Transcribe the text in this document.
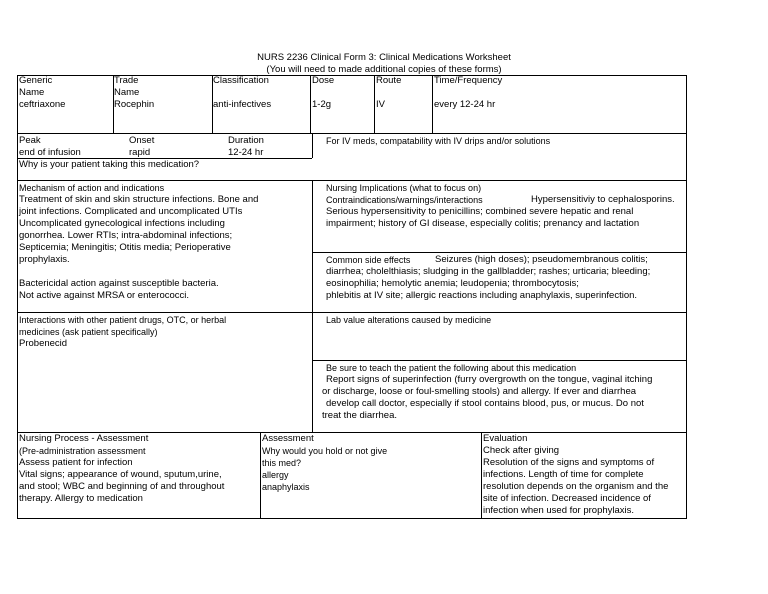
NURS 2236 Clinical Form 3: Clinical Medications Worksheet
(You will need to made additional copies of these forms)
Generic
Name
ceftriaxone
Trade
Name
Rocephin
Classification
anti-infectives
Dose
1-2g
Route
IV
Time/Frequency
every 12-24 hr
Peak
end of infusion
Onset
rapid
Duration
12-24 hr
For IV meds, compatability with IV drips and/or solutions
Why is your patient taking this medication?
Mechanism of action and indications
Treatment of skin and skin structure infections. Bone and
joint infections. Complicated and uncomplicated UTIs
Uncomplicated gynecological infections including
gonorrhea. Lower RTIs; intra-abdominal infections;
Septicemia; Meningitis; Otitis media; Perioperative
prophylaxis.
Bactericidal action against susceptible bacteria.
Not active against MRSA or enterococci.
Nursing Implications (what to focus on)
Contraindications/warnings/interactions	Hypersensitiviy to cephalosporins.
Serious hypersensitivity to penicillins; combined severe hepatic and renal
impairment; history of GI disease, especially colitis; prenancy and lactation
Common side effects	Seizures (high doses); pseudomembranous colitis;
diarrhea; cholelthiasis; sludging in the gallbladder; rashes; urticaria; bleeding;
eosinophilia; hemolytic anemia; leudopenia; thrombocytosis;
phlebitis at IV site; allergic reactions including anaphylaxis, superinfection.
Interactions with other patient drugs, OTC, or herbal
medicines (ask patient specifically)
Probenecid
Lab value alterations caused by medicine
Be sure to teach the patient the following about this medication
Report signs of superinfection (furry overgrowth on the tongue, vaginal itching
or discharge, loose or foul-smelling stools) and allergy. If ever and diarrhea
develop call doctor, especially if stool contains blood, pus, or mucus. Do not
treat the diarrhea.
Nursing Process - Assessment
(Pre-administration assessment
Assess patient for infection
Vital signs; appearance of wound, sputum,urine,
and stool; WBC and beginning of and throughout
therapy. Allergy to medication
Assessment
Why would you hold or not give
this med?
allergy
anaphylaxis
Evaluation
Check after giving
Resolution of the signs and symptoms of
infections. Length of time for complete
resolution depends on the organism and the
site of infection. Decreased incidence of
infection when used for prophylaxis.
